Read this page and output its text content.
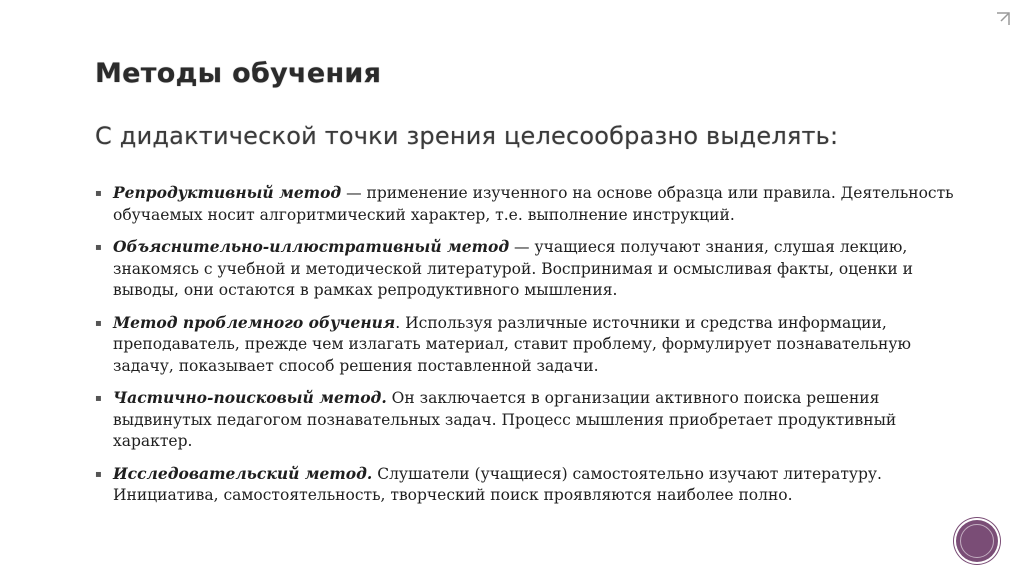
Методы обучения
С дидактической точки зрения целесообразно выделять:
▪ Репродуктивный метод — применение изученного на основе образца или правила. Деятельность обучаемых носит алгоритмический характер, т.е. выполнение инструкций.
▪ Объяснительно-иллюстративный метод — учащиеся получают знания, слушая лекцию, знакомясь с учебной и методической литературой. Воспринимая и осмысливая факты, оценки и выводы, они остаются в рамках репродуктивного мышления.
▪ Метод проблемного обучения. Используя различные источники и средства информации, преподаватель, прежде чем излагать материал, ставит проблему, формулирует познавательную задачу, показывает способ решения поставленной задачи.
▪ Частично-поисковый метод. Он заключается в организации активного поиска решения выдвинутых педагогом познавательных задач. Процесс мышления приобретает продуктивный характер.
▪ Исследовательский метод. Слушатели (учащиеся) самостоятельно изучают литературу. Инициатива, самостоятельность, творческий поиск проявляются наиболее полно.
